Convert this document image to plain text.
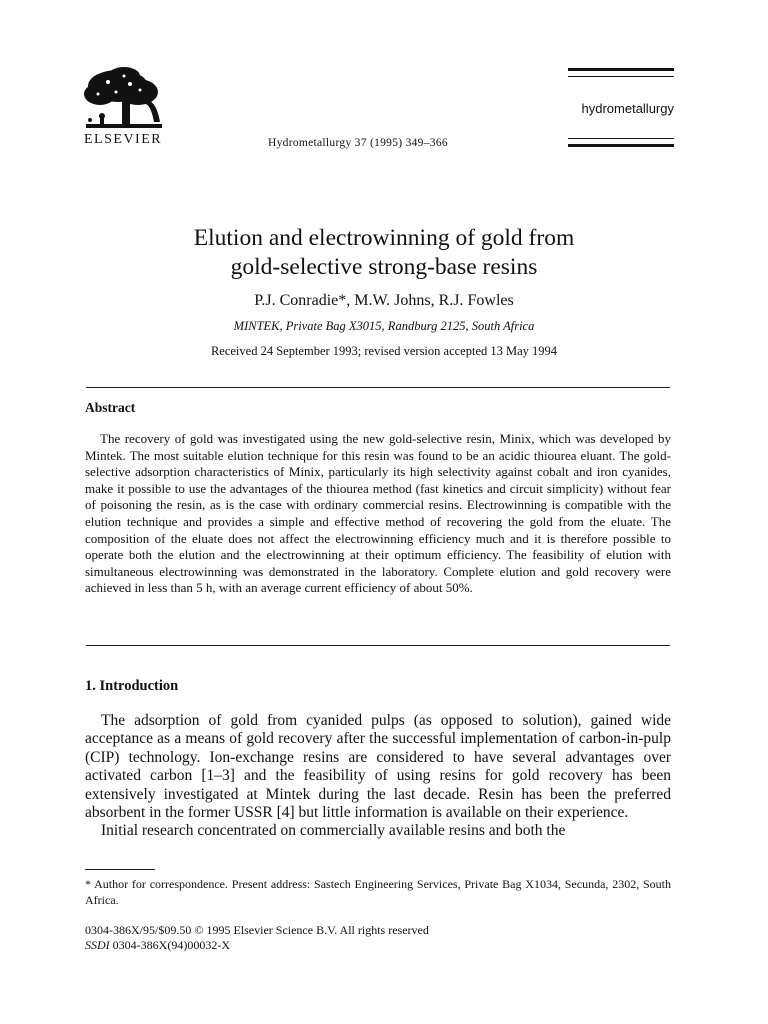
ELSEVIER	Hydrometallurgy 37 (1995) 349–366
hydrometallurgy
Elution and electrowinning of gold from
gold-selective strong-base resins
P.J. Conradie*, M.W. Johns, R.J. Fowles
MINTEK, Private Bag X3015, Randburg 2125, South Africa
Received 24 September 1993; revised version accepted 13 May 1994
Abstract

The recovery of gold was investigated using the new gold-selective resin, Minix, which was developed by Mintek. The most suitable elution technique for this resin was found to be an acidic thiourea eluant. The gold-selective adsorption characteristics of Minix, particularly its high selectivity against cobalt and iron cyanides, make it possible to use the advantages of the thiourea method (fast kinetics and circuit simplicity) without fear of poisoning the resin, as is the case with ordinary commercial resins. Electrowinning is compatible with the elution technique and provides a simple and effective method of recovering the gold from the eluate. The composition of the eluate does not affect the electrowinning efficiency much and it is therefore possible to operate both the elution and the electrowinning at their optimum efficiency. The feasibility of elution with simultaneous electrowinning was demonstrated in the laboratory. Complete elution and gold recovery were achieved in less than 5 h, with an average current efficiency of about 50%.

1. Introduction

The adsorption of gold from cyanided pulps (as opposed to solution), gained wide acceptance as a means of gold recovery after the successful implementation of carbon-in-pulp (CIP) technology. Ion-exchange resins are considered to have several advantages over activated carbon [1–3] and the feasibility of using resins for gold recovery has been extensively investigated at Mintek during the last decade. Resin has been the preferred absorbent in the former USSR [4] but little information is available on their experience.

Initial research concentrated on commercially available resins and both the

* Author for correspondence. Present address: Sastech Engineering Services, Private Bag X1034, Secunda, 2302, South Africa.

0304-386X/95/$09.50 © 1995 Elsevier Science B.V. All rights reserved
SSDI 0304-386X(94)00032-X
